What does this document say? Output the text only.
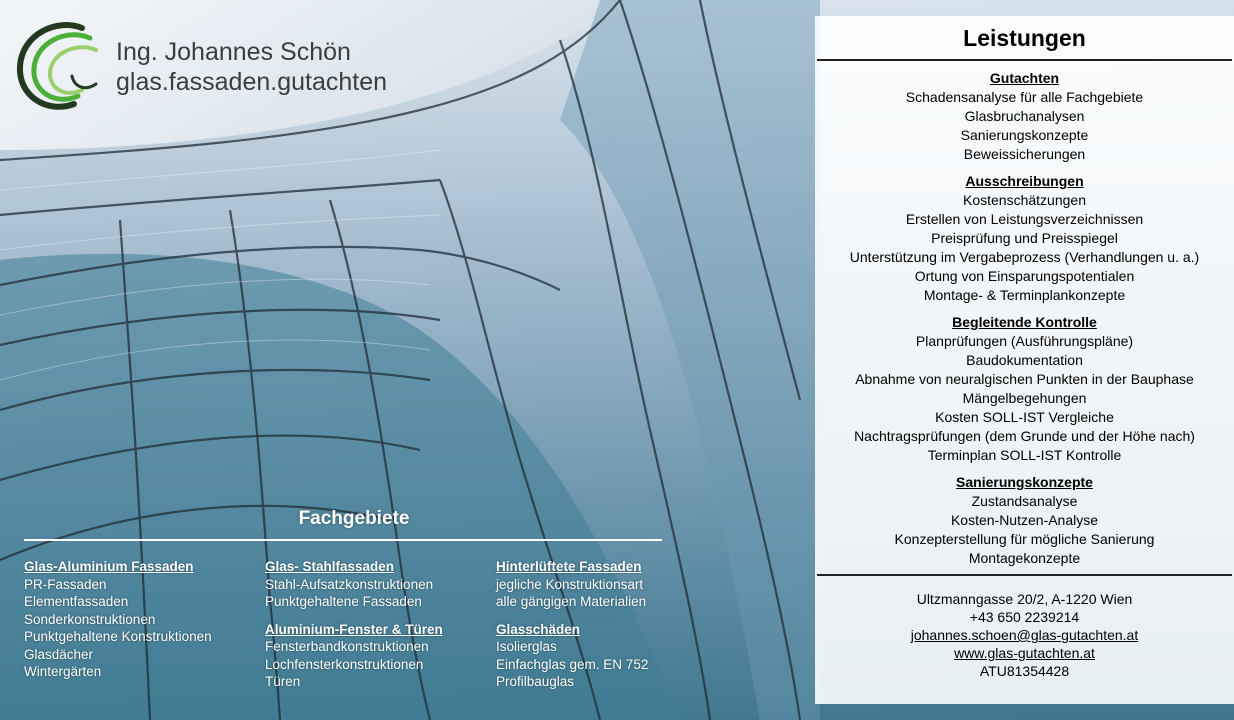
Ing. Johannes Schön
glas.fassaden.gutachten
Leistungen
Gutachten
Schadensanalyse für alle Fachgebiete
Glasbruchanalysen
Sanierungskonzepte
Beweissicherungen
Ausschreibungen
Kostenschätzungen
Erstellen von Leistungsverzeichnissen
Preisprüfung und Preisspiegel
Unterstützung im Vergabeprozess (Verhandlungen u. a.)
Ortung von Einsparungspotentialen
Montage- & Terminplankonzepte
Begleitende Kontrolle
Planprüfungen (Ausführungspläne)
Baudokumentation
Abnahme von neuralgischen Punkten in der Bauphase
Mängelbegehungen
Kosten SOLL-IST Vergleiche
Nachtragsprüfungen (dem Grunde und der Höhe nach)
Terminplan SOLL-IST Kontrolle
Sanierungskonzepte
Zustandsanalyse
Kosten-Nutzen-Analyse
Konzepterstellung für mögliche Sanierung
Montagekonzepte
Ultzmanngasse 20/2, A-1220 Wien
+43 650 2239214
johannes.schoen@glas-gutachten.at
www.glas-gutachten.at
ATU81354428
Fachgebiete
Glas-Aluminium Fassaden
PR-Fassaden
Elementfassaden
Sonderkonstruktionen
Punktgehaltene Konstruktionen
Glasdächer
Wintergärten
Glas- Stahlfassaden
Stahl-Aufsatzkonstruktionen
Punktgehaltene Fassaden
Aluminium-Fenster & Türen
Fensterbandkonstruktionen
Lochfensterkonstruktionen
Türen
Hinterlüftete Fassaden
jegliche Konstruktionsart
alle gängigen Materialien
Glasschäden
Isolierglas
Einfachglas gem. EN 752
Profilbauglas
